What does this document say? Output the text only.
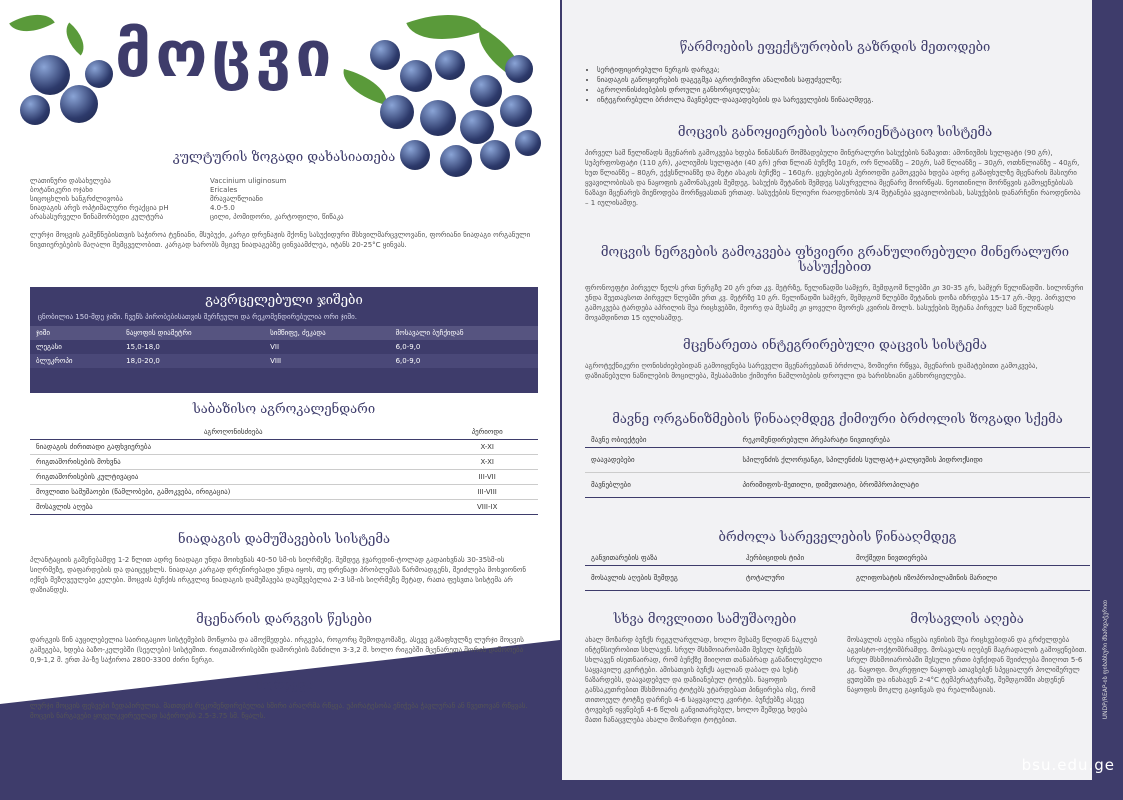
მოცვი
კულტურის ზოგადი დახასიათება
ლათინური დასახელება	Vaccinium uliginosum
ბოტანიკური ოჯახი	Ericales
სიცოცხლის ხანგრძლივობა	მრავალწლიანი
ნიადაგის არეს ოპტიმალური რეაქცია pH	4.0-5.0
არასასურველი წინამორბედი კულტურა	ცილი, პომიდორი, კარტოფილი, წიწაკა

ლურჯი მოცვის გამეწნებისთვის საჭიროა ტენიანი, მსუბუქი, კარგი დრენაჟის მქონე სასუქიდური მსხვილმარცვლოვანი, ფორიანი ნიადაგი ორგანული ნივთიერებების მაღალი შემცველობით. კარგად ხარობს მცივე ნიადაგებზე ცინვაამძლეა, იტანს 20-25°C ყინვას.

გავრცელებული ჯიშები

ცნობილია 150-მდე ჯიში. ჩვენს პირობებისათვის შერჩეული და რეკომენდირებულია ორი ჯიში.

ჯიში	ნაყოფის დიამეტრი	სიმწიფე, ძეკადა	მოსავალი ბუჩქიდან
ლეგასი	15,0-18,0	VII	6,0-9,0
ბლუკროპი	18,0-20,0	VIII	6,0-9,0
საბაზისო აგროკალენდარი
აგროღონისძიება	პერიოდი
ნიადაგის ძირითადი გაფხვიერება	X-XI
რიგთაშორისების მოხვნა	X-XI
რიგთაშორისების კულტივაცია	III-VII
მოვლითი სამუშაოები (წამლობები, გამოკვება, ირიგაცია)	III-VIII
მოსავლის აღება	VIII-IX
ნიადაგის დამუშავების სისტემა

პლანტაციის გაშენებამდე 1-2 წლით ადრე ნიადაგი უნდა მოიხვნას 40-50 სმ-ის სიღრმეზე. შემდეგ ჯვარედინ-ტოლად გადაიხვნას 30-35სმ-ის სიღრმეზე, დაფარდების და დაიცეცხლს. ნიადაგი კარგად დრენირებადი უნდა იყოს, თუ დრენაჟი პრობლემას წარმოადგენს, შეიძლება მოხვიონონ იქნეს მეზღვეულები კელები. მოცვის ბუჩქის ირგვლივ ნიადაგის დამუშავება დაუშვებელია 2-3 სმ-ის სიღრმეზე მეტად, რათა ფესვთა სისტემა არ დაზიანდეს.

მცენარის დარგვის წესები

დარგვის წინ აუცილებელია საირიგაციო სისტემების მოწყობა და ამოქმედება. ირგვება, როგორც შემოდგომაზე, ასევე გაზაფხულზე ლურჯი მოცვის გამეგება, ხდება ბაზო-კელებში (სეელები) სისტემით. რიგთაშორისებში დაშორების მანძილი 3-3,2 მ. ხოლო რიგებში მცენარეთა შორის დაშორება 0,9-1,2 მ. ერთ ჰა-ზე საჭიროა 2800-3300 ძირი ნერგი.

მორწყვა

ლურჯი მოცვის ფესვები ზედაპირულია. მათთვის რეკომენდირებულია ხშირი არაღრმა რწყვა. უპირატესობა ენიჭება ჭავლურან ან წვეთოვან რწყვას. მოცვის ნარგავები ყოველკვირეულად საჭიროებს 2.5-3.75 სმ. წყალს.

წარმოების ეფექტურობის გაზრდის მეთოდები
• სერტიფიცირებული ნერგის დარგვა;
• ნიადაგის განოყიერების დაგეგმვა აგროქიმიური ანალიზის საფუძველზე;
• აგროღონისძიებების დროული განხორციელება;
• ინტეგრირებული ბრძოლა მავნებელ-დაავადებების და სარეველების წინააღმდეგ.
მოცვის განოყიერების საორიენტაციო სისტემა

პირველ სამ წელიწადს მცენარის გამოკვება ხდება წინასწარ შომზადებული მინერალური სასუქების ნაზავით: ამონიუმის სულფატი (90 გრ), სუპერფოსფატი (110 გრ), კალიუმის სულფატი (40 გრ) ერთ წლიან ბუჩქზე 10გრ, ორ წლიანზე – 20გრ, სამ წლიანზე – 30გრ, ოთხწლიანზე – 40გრ, ხუთ წლიანზე – 80გრ, ექვსწლიანზე და მეტი ასაკის ბუჩქზე – 160გრ. ცეცხებიკის პერიოდში გამოკვება ხდება ადრე გაზაფხულზე მცენარის მასიური ყვავილობისას და ნაყოფის გამონასკვის შემდეგ. სასუქის შეტანის შემდეგ სასურველია მცენარე მოირწყას. ნეოთინილი მორწყვის გამოყენებისას ნაზავი მცენარეს მიეწოდება მორწყვასთან ერთად. სასუქების წლიური რაოდენობის 3/4 შეტანება ყვავილობისას, სასუქების დანარჩენი რაოდენობა – 1 იულისამდე.

მოცვის ნერგების გამოკვება ფხვიერი გრანულირებული მინერალური სასუქებით

ფრონოეფტი პირველ წელს ერთ ნერგზე 20 გრ ერთ კვ. მეტრზე, წელიწადში სამჯერ, შემდგომ წლებში კი 30-35 გრ, სამჯერ წელიწადში. სილონური უნდა შეეთავსოთ პირველ წლებში ერთ კვ. მეტრზე 10 გრ. წელიწადში სამჯერ, შემდგომ წლებში შეტანის დოზა იზრდება 15-17 გრ.-მდე. პირველი გამოკვება ტარდება აპრილის შუა რიცხვებში, მეორე და მესამე კი ყოველი მეორეს კვირის შოლს. სასუქების შეტანა პირველ სამ წელიწადს მოვამდინოთ 15 იულისამდე.

მცენარეთა ინტეგრირებული დაცვის სისტემა

აგროტექნიკური ღონისძიებებიდან გამოიყენება სარეველი მცენარეებთან ბრძოლა, ზომიერი რწყვა, მცენარის დამატებითი გამოკვება, დაზიანებული ნაწილების მოცილება, შესაბამისი ქიმიური ნამლობების დროული და ხარისხიანი განხორციელება.

მავნე ორგანიზმების წინააღმდეგ ქიმიური ბრძოლის ზოგადი სქემა
მავნე ობიექტები	რეკომენდირებული პრეპარატი ნივთიერება
დაავადებები	სპილენძის ქლორჟანგი, სპილენძის სულფატ+კალციუმის ჰიდროქსიდი
მავნებლები	პირიმიფოს-მეთილი, დიმეთოატი, ბრომპროპილატი
ბრძოლა სარეველების წინააღმდეგ
განვითარების ფაზა	ჰერბიციდის ტიპი	მოქმედი ნივთიერება
მოსავლის აღების შემდეგ	ტოტალური	გლიფოსატის იზოპროპილამინის მარილი
სხვა მოვლითი სამუშაოები

ახალ მოზარდ ბუჩქს რეგულარულად, ხოლო მესამე წლიდან ნაკლებ ინტენსიურობით სხლავენ. სრულ მსხმოიარობაში შესულ ბუჩქებს სხლავენ ისეთნაირად, რომ ბუჩქზე მიიღოთ თანაბრად განაწილებული საყვავილე კვირტები. ამისათვის ბუჩქს აცლიან დაბალ და სუსტ ნაზარდებს, დაავადებულ და დაზიანებულ ტოტებს. ნაყოფის განსაკუთრებით მსხმოიარე ტოტებს უტარდებათ პინცირება ისე, რომ თითოეულ ტოტზე დარჩეს 4-6 საყვავილე კვირტი. ბუჩქებზე ასევე ტოვებენ იყვნებენ 4-6 წლის განვითარებულ, ხოლო შემდეგ ხდება მათი ჩანაცვლება ახალი მოზარდი ტოტებით.

მოსავლის აღება

მოსავლის აღება იწყება ივნისის შუა რიცხვებიდან და გრძელდება აგვისტო-ოქტომბრამდე. მოსავალს იღებენ მაგრადალის გამოყენებით. სრულ მსხმოიარობაში შესული ერთი ბუჩქიდან შეიძლება მიიღოთ 5-6 კგ. ნაყოფი. მოკრეფილ ნაყოფს ათავსებენ სპეციალურ პოლიმერულ ყუთებში და ინახავენ 2-4°C ტემპერატურაზე, შემდგომში ახდენენ ნაყოფის მოკლე გაყინვას და რეალიზაციას.	UNDP/REAP-ის ფინანსური მხარდაჭერით
bsu.edu.ge
